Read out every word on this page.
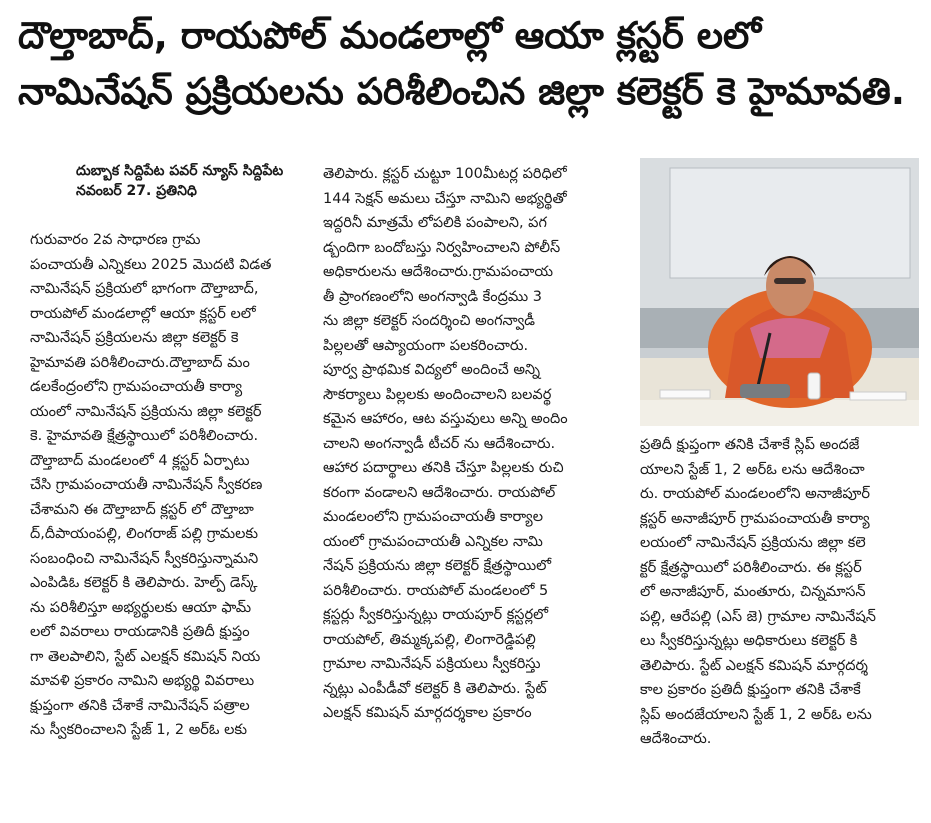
దౌల్తాబాద్, రాయపోల్ మండలాల్లో ఆయా క్లస్టర్ లలో
నామినేషన్ ప్రక్రియలను పరిశీలించిన జిల్లా కలెక్టర్ కె హైమావతి.
దుబ్బాక సిద్దిపేట పవర్ న్యూస్ సిద్దిపేట
నవంబర్ 27. ప్రతినిధి
గురువారం 2వ సాధారణ గ్రామ
పంచాయతీ ఎన్నికలు 2025 మొదటి విడత
నామినేషన్ ప్రక్రియలో భాగంగా దౌల్తాబాద్,
రాయపోల్ మండలాల్లో ఆయా క్లస్టర్ లలో
నామినేషన్ ప్రక్రియలను జిల్లా కలెక్టర్ కె
హైమావతి పరిశీలించారు.దౌల్తాబాద్ మం
డలకేంద్రంలోని గ్రామపంచాయతీ కార్యా
యంలో నామినేషన్ ప్రక్రియను జిల్లా కలెక్టర్
కె. హైమావతి క్షేత్రస్థాయిలో పరిశీలించారు.
దౌల్తాబాద్ మండలంలో 4 క్లస్టర్ ఏర్పాటు
చేసి గ్రామపంచాయతీ నామినేషన్ స్వీకరణ
చేశామని ఈ దౌల్తాబాద్ క్లస్టర్ లో దౌల్తాబా
ద్,దీపాయంపల్లి, లింగరాజ్ పల్లి గ్రామలకు
సంబంధించి నామినేషన్ స్వీకరిస్తున్నామని
ఎంపిడిఓ కలెక్టర్ కి తెలిపారు. హెల్ప్ డెస్క్
ను పరిశీలిస్తూ అభ్యర్థులకు ఆయా ఫామ్
లలో వివరాలు రాయడానికి ప్రతిదీ క్షుప్తం
గా తెలపాలిని, స్టేట్ ఎలక్షన్ కమిషన్ నియ
మావళి ప్రకారం నామిని అభ్యర్థి వివరాలు
క్షుప్తంగా తనికి చేశాకే నామినేషన్ పత్రాల
ను స్వీకరించాలని స్టేజ్ 1, 2 అర్ఓ లకు
తెలిపారు. క్లస్టర్ చుట్టూ 100మీటర్ల పరిధిలో
144 సెక్షన్ అమలు చేస్తూ నామిని అభ్యర్థితో
ఇద్దరినీ మాత్రమే లోపలికి పంపాలని, పగ
డ్బందిగా బందోబస్తు నిర్వహించాలని పోలీస్
అధికారులను ఆదేశించారు.గ్రామపంచాయ
తీ ప్రాంగణంలోని అంగన్వాడి కేంద్రము 3
ను జిల్లా కలెక్టర్ సందర్శించి అంగన్వాడీ
పిల్లలతో ఆప్యాయంగా పలకరించారు.
పూర్వ ప్రాథమిక విద్యలో అందించే అన్ని
సౌకర్యాలు పిల్లలకు అందించాలని బలవర్థ
కమైన ఆహారం, ఆట వస్తువులు అన్ని అందిం
చాలని అంగన్వాడీ టీచర్ ను ఆదేశించారు.
ఆహార పదార్థాలు తనికి చేస్తూ పిల్లలకు రుచి
కరంగా వండాలని ఆదేశించారు. రాయపోల్
మండలంలోని గ్రామపంచాయతీ కార్యాల
యంలో గ్రామపంచాయతీ ఎన్నికల నామి
నేషన్ ప్రక్రియను జిల్లా కలెక్టర్ క్షేత్రస్థాయిలో
పరిశీలించారు. రాయపోల్ మండలంలో 5
క్లస్టర్లు స్వీకరిస్తున్నట్లు రాయపూర్ క్లస్టర్లలో
రాయపోల్, తిమ్మక్కపల్లి, లింగారెడ్డిపల్లి
గ్రామాల నామినేషన్ పక్రియలు స్వీకరిస్తు
న్నట్లు ఎంపీడీవో కలెక్టర్ కి తెలిపారు. స్టేట్
ఎలక్షన్ కమిషన్ మార్గదర్శకాల ప్రకారం
ప్రతిదీ క్షుప్తంగా తనికి చేశాకే స్లిప్ అందజే
యాలని స్టేజ్ 1, 2 అర్ఓ లను ఆదేశించా
రు. రాయపోల్ మండలంలోని అనాజీపూర్
క్లస్టర్ అనాజీపూర్ గ్రామపంచాయతీ కార్యా
లయంలో నామినేషన్ ప్రక్రియను జిల్లా కలె
క్టర్ క్షేత్రస్థాయిలో పరిశీలించారు. ఈ క్లస్టర్
లో అనాజీపూర్, మంతూరు, చిన్నమాసన్
పల్లి, ఆరేపల్లి (ఎస్ జె) గ్రామాల నామినేషన్
లు స్వీకరిస్తున్నట్లు అధికారులు కలెక్టర్ కి
తెలిపారు. స్టేట్ ఎలక్షన్ కమిషన్ మార్గదర్శ
కాల ప్రకారం ప్రతిదీ క్షుప్తంగా తనికి చేశాకే
స్లిప్ అందజేయాలని స్టేజ్ 1, 2 అర్ఓ లను
ఆదేశించారు.
